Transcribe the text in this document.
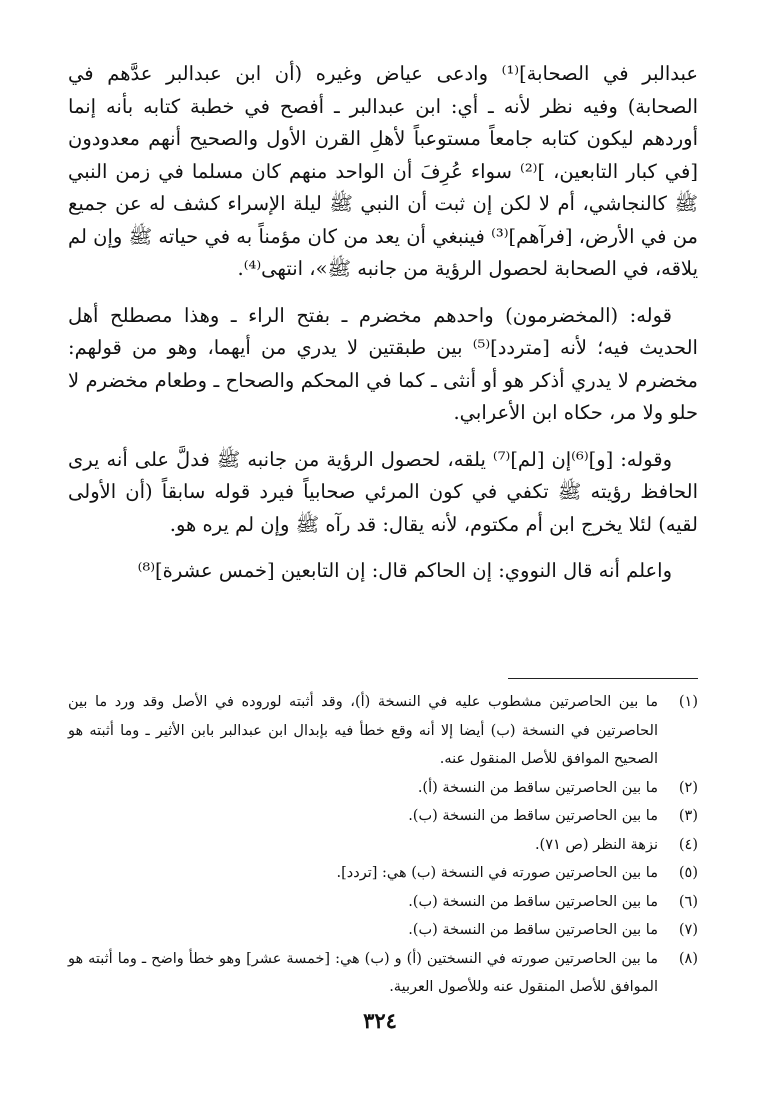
عبدالبر في الصحابة]⁽¹⁾ وادعى عياض وغيره (أن ابن عبدالبر عدَّهم في الصحابة) وفيه نظر لأنه ـ أي: ابن عبدالبر ـ أفصح في خطبة كتابه بأنه إنما أوردهم ليكون كتابه جامعاً مستوعباً لأهلِ القرن الأول والصحيح أنهم معدودون [في كبار التابعين، ]⁽²⁾ سواء عُرِفَ أن الواحد منهم كان مسلما في زمن النبي ﷺ كالنجاشي، أم لا لكن إن ثبت أن النبي ﷺ ليلة الإسراء كشف له عن جميع من في الأرض، [فرآهم]⁽³⁾ فينبغي أن يعد من كان مؤمناً به في حياته ﷺ وإن لم يلاقه، في الصحابة لحصول الرؤية من جانبه ﷺ»، انتهى⁽⁴⁾.

قوله: (المخضرمون) واحدهم مخضرم ـ بفتح الراء ـ وهذا مصطلح أهل الحديث فيه؛ لأنه [متردد]⁽⁵⁾ بين طبقتين لا يدري من أيهما، وهو من قولهم: مخضرم لا يدري أذكر هو أو أنثى ـ كما في المحكم والصحاح ـ وطعام مخضرم لا حلو ولا مر، حكاه ابن الأعرابي.

وقوله: [و]⁽⁶⁾إن [لم]⁽⁷⁾ يلقه، لحصول الرؤية من جانبه ﷺ فدلَّ على أنه يرى الحافظ رؤيته ﷺ تكفي في كون المرئي صحابياً فيرد قوله سابقاً (أن الأولى لقيه) لئلا يخرج ابن أم مكتوم، لأنه يقال: قد رآه ﷺ وإن لم يره هو.

واعلم أنه قال النووي: إن الحاكم قال: إن التابعين [خمس عشرة]⁽⁸⁾

(١)
ما بين الحاصرتين مشطوب عليه في النسخة (أ)، وقد أثبته لوروده في الأصل وقد ورد ما بين الحاصرتين في النسخة (ب) أيضا إلا أنه وقع خطأ فيه بإبدال ابن عبدالبر بابن الأثير ـ وما أثبته هو الصحيح الموافق للأصل المنقول عنه.
(٢)
ما بين الحاصرتين ساقط من النسخة (أ).
(٣)
ما بين الحاصرتين ساقط من النسخة (ب).
(٤)
نزهة النظر (ص ٧١).
(٥)
ما بين الحاصرتين صورته في النسخة (ب) هي: [تردد].
(٦)
ما بين الحاصرتين ساقط من النسخة (ب).
(٧)
ما بين الحاصرتين ساقط من النسخة (ب).
(٨)
ما بين الحاصرتين صورته في النسختين (أ) و (ب) هي: [خمسة عشر] وهو خطأ واضح ـ وما أثبته هو الموافق للأصل المنقول عنه وللأصول العربية.
٣٢٤
